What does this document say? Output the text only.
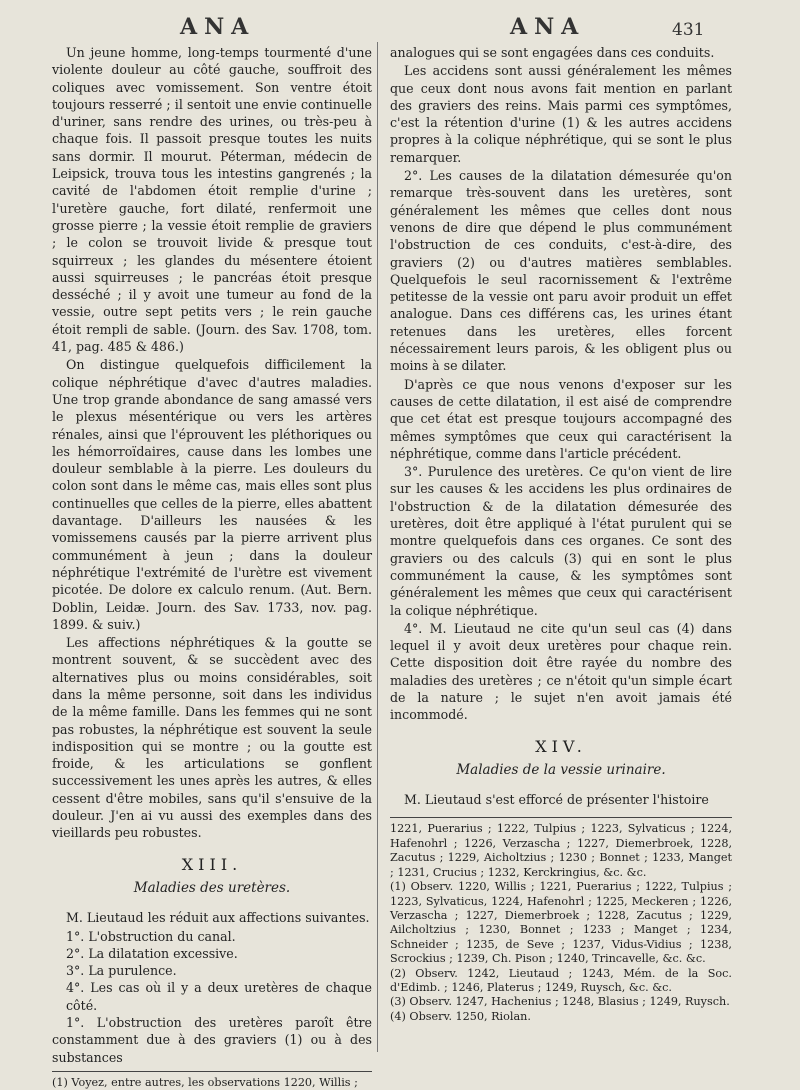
ANA	ANA	431

Un jeune homme, long-temps tourmenté d'une violente douleur au côté gauche, souffroit des coliques avec vomissement. Son ventre étoit toujours resserré ; il sentoit une envie continuelle d'uriner, sans rendre des urines, ou très-peu à chaque fois. Il passoit presque toutes les nuits sans dormir. Il mourut. Péterman, médecin de Leipsick, trouva tous les intestins gangrenés ; la cavité de l'abdomen étoit remplie d'urine ; l'uretère gauche, fort dilaté, renfermoit une grosse pierre ; la vessie étoit remplie de graviers ; le colon se trouvoit livide & presque tout squirreux ; les glandes du mésentere étoient aussi squirreuses ; le pancréas étoit presque desséché ; il y avoit une tumeur au fond de la vessie, outre sept petits vers ; le rein gauche étoit rempli de sable. (Journ. des Sav. 1708, tom. 41, pag. 485 & 486.)

On distingue quelquefois difficilement la colique néphrétique d'avec d'autres maladies. Une trop grande abondance de sang amassé vers le plexus mésentérique ou vers les artères rénales, ainsi que l'éprouvent les pléthoriques ou les hémorroïdaires, cause dans les lombes une douleur semblable à la pierre. Les douleurs du colon sont dans le même cas, mais elles sont plus continuelles que celles de la pierre, elles abattent davantage. D'ailleurs les nausées & les vomissemens causés par la pierre arrivent plus communément à jeun ; dans la douleur néphrétique l'extrémité de l'urètre est vivement picotée. De dolore ex calculo renum. (Aut. Bern. Doblin, Leidæ. Journ. des Sav. 1733, nov. pag. 1899. & suiv.)

Les affections néphrétiques & la goutte se montrent souvent, & se succèdent avec des alternatives plus ou moins considérables, soit dans la même personne, soit dans les individus de la même famille. Dans les femmes qui ne sont pas robustes, la néphrétique est souvent la seule indisposition qui se montre ; ou la goutte est froide, & les articulations se gonflent successivement les unes après les autres, & elles cessent d'être mobiles, sans qu'il s'ensuive de la douleur. J'en ai vu aussi des exemples dans des vieillards peu robustes.

XIII.
Maladies des uretères.

M. Lieutaud les réduit aux affections suivantes.

1°. L'obstruction du canal.
2°. La dilatation excessive.
3°. La purulence.
4°. Les cas où il y a deux uretères de chaque côté.

1°. L'obstruction des uretères paroît être constamment due à des graviers (1) ou à des substances

(1) Voyez, entre autres, les observations 1220, Willis ;

analogues qui se sont engagées dans ces conduits.

Les accidens sont aussi généralement les mêmes que ceux dont nous avons fait mention en parlant des graviers des reins. Mais parmi ces symptômes, c'est la rétention d'urine (1) & les autres accidens propres à la colique néphrétique, qui se sont le plus remarquer.

2°. Les causes de la dilatation démesurée qu'on remarque très-souvent dans les uretères, sont généralement les mêmes que celles dont nous venons de dire que dépend le plus communément l'obstruction de ces conduits, c'est-à-dire, des graviers (2) ou d'autres matières semblables. Quelquefois le seul racornissement & l'extrême petitesse de la vessie ont paru avoir produit un effet analogue. Dans ces différens cas, les urines étant retenues dans les uretères, elles forcent nécessairement leurs parois, & les obligent plus ou moins à se dilater.

D'après ce que nous venons d'exposer sur les causes de cette dilatation, il est aisé de comprendre que cet état est presque toujours accompagné des mêmes symptômes que ceux qui caractérisent la néphrétique, comme dans l'article précédent.

3°. Purulence des uretères. Ce qu'on vient de lire sur les causes & les accidens les plus ordinaires de l'obstruction & de la dilatation démesurée des uretères, doit être appliqué à l'état purulent qui se montre quelquefois dans ces organes. Ce sont des graviers ou des calculs (3) qui en sont le plus communément la cause, & les symptômes sont généralement les mêmes que ceux qui caractérisent la colique néphrétique.

4°. M. Lieutaud ne cite qu'un seul cas (4) dans lequel il y avoit deux uretères pour chaque rein. Cette disposition doit être rayée du nombre des maladies des uretères ; ce n'étoit qu'un simple écart de la nature ; le sujet n'en avoit jamais été incommodé.

XIV.
Maladies de la vessie urinaire.

M. Lieutaud s'est efforcé de présenter l'histoire

1221, Puerarius ; 1222, Tulpius ; 1223, Sylvaticus ; 1224, Hafenohrl ; 1226, Verzascha ; 1227, Diemerbroek, 1228, Zacutus ; 1229, Aicholtzius ; 1230 ; Bonnet ; 1233, Manget ; 1231, Crucius ; 1232, Kerckringius, &c. &c.
(1) Observ. 1220, Willis ; 1221, Puerarius ; 1222, Tulpius ; 1223, Sylvaticus, 1224, Hafenohrl ; 1225, Meckeren ; 1226, Verzascha ; 1227, Diemerbroek ; 1228, Zacutus ; 1229, Ailcholtzius ; 1230, Bonnet ; 1233 ; Manget ; 1234, Schneider ; 1235, de Seve ; 1237, Vidus-Vidius ; 1238, Scrockius ; 1239, Ch. Pison ; 1240, Trincavelle, &c. &c.
(2) Observ. 1242, Lieutaud ; 1243, Mém. de la Soc. d'Edimb. ; 1246, Platerus ; 1249, Ruysch, &c. &c.
(3) Observ. 1247, Hachenius ; 1248, Blasius ; 1249, Ruysch.
(4) Observ. 1250, Riolan.
